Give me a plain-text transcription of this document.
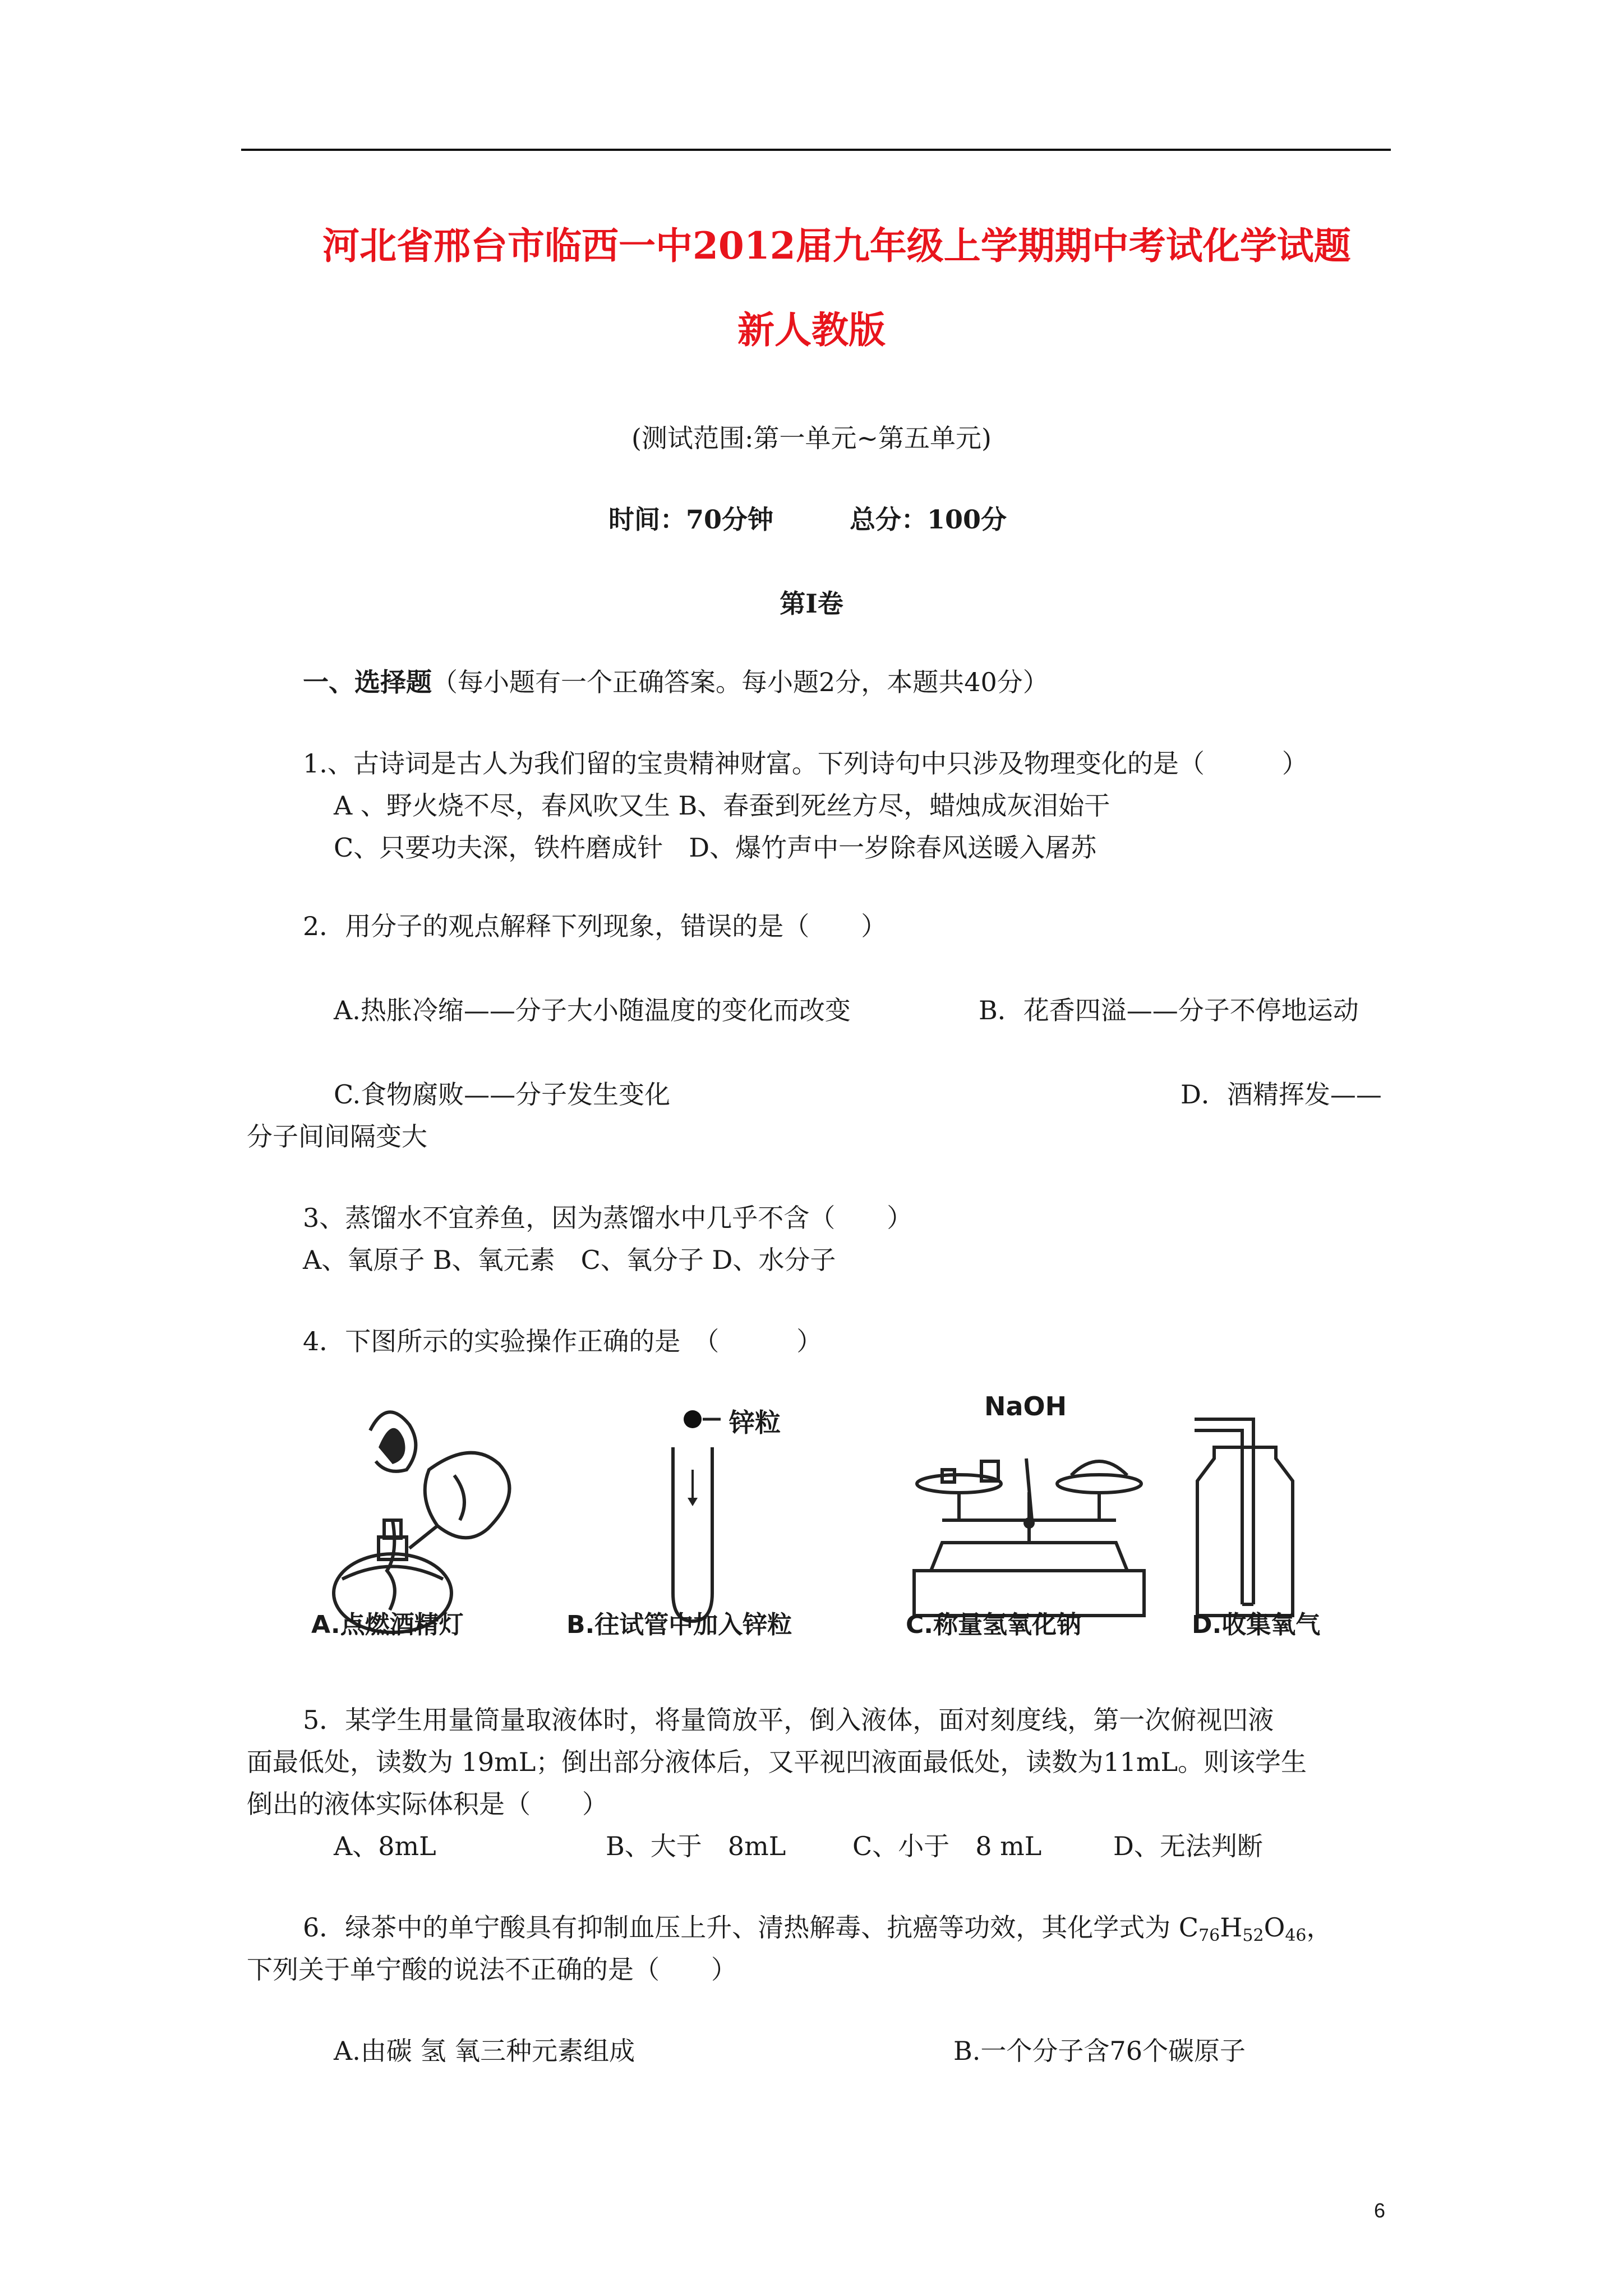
河北省邢台市临西一中2012届九年级上学期期中考试化学试题
新人教版
(测试范围:第一单元~第五单元)
时间：70分钟	总分：100分
第I卷
一、选择题（每小题有一个正确答案。每小题2分，本题共40分）
1.、古诗词是古人为我们留的宝贵精神财富。下列诗句中只涉及物理变化的是（　　　）
A 、野火烧不尽，春风吹又生 B、春蚕到死丝方尽，蜡烛成灰泪始干
C、只要功夫深，铁杵磨成针　D、爆竹声中一岁除春风送暖入屠苏
2．用分子的观点解释下列现象，错误的是（　　）
A.热胀冷缩——分子大小随温度的变化而改变	B．花香四溢——分子不停地运动
C.食物腐败——分子发生变化	D．酒精挥发——
分子间间隔变大
3、蒸馏水不宜养鱼，因为蒸馏水中几乎不含（　　）
A、氧原子 B、氧元素　C、氧分子 D、水分子
4．下图所示的实验操作正确的是　（　　　）
A.点燃酒精灯
锌粒
B.往试管中加入锌粒
NaOH
C.称量氢氧化钠	D.收集氧气
5．某学生用量筒量取液体时，将量筒放平，倒入液体，面对刻度线，第一次俯视凹液
面最低处，读数为 19mL；倒出部分液体后，又平视凹液面最低处，读数为11mL。则该学生
倒出的液体实际体积是（　　）
A、8mL	B、大于　8mL	C、小于　8 mL	D、无法判断
6．绿茶中的单宁酸具有抑制血压上升、清热解毒、抗癌等功效，其化学式为 $C_{76}H_{52}O_{46}$，
下列关于单宁酸的说法不正确的是（　　）
A.由碳 氢 氧三种元素组成	B.一个分子含76个碳原子
6
